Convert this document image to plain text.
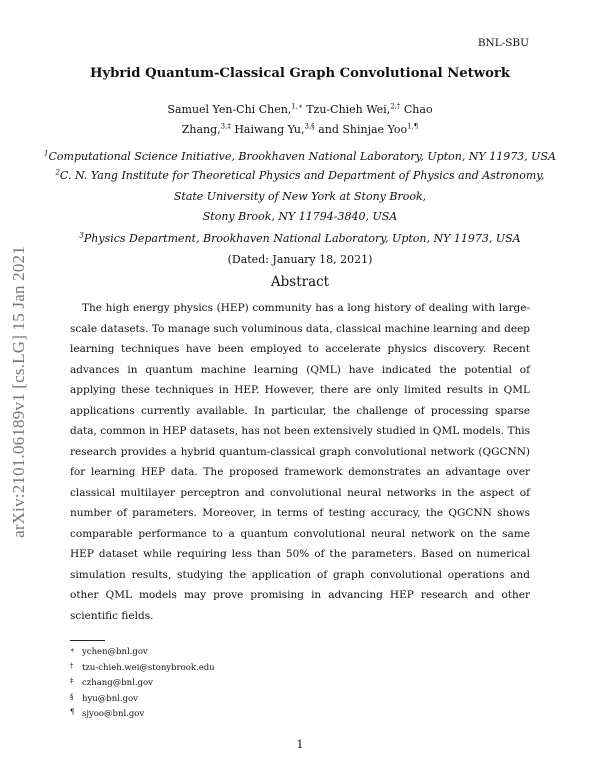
BNL-SBU
arXiv:2101.06189v1 [cs.LG] 15 Jan 2021
Hybrid Quantum-Classical Graph Convolutional Network
Samuel Yen-Chi Chen,$^{1,∗}$ Tzu-Chieh Wei,$^{2,\dagger}$ Chao
Zhang,$^{3,\ddagger}$ Haiwang Yu,$^{3,\S}$ and Shinjae Yoo$^{1,\P}$
$^1$Computational Science Initiative, Brookhaven National Laboratory, Upton, NY 11973, USA
$^2$C. N. Yang Institute for Theoretical Physics and Department of Physics and Astronomy,
State University of New York at Stony Brook,
Stony Brook, NY 11794-3840, USA
$^3$Physics Department, Brookhaven National Laboratory, Upton, NY 11973, USA
(Dated: January 18, 2021)
Abstract

The high energy physics (HEP) community has a long history of dealing with large-scale datasets. To manage such voluminous data, classical machine learning and deep learning techniques have been employed to accelerate physics discovery. Recent advances in quantum machine learning (QML) have indicated the potential of applying these techniques in HEP. However, there are only limited results in QML applications currently available. In particular, the challenge of processing sparse data, common in HEP datasets, has not been extensively studied in QML models. This research provides a hybrid quantum-classical graph convolutional network (QGCNN) for learning HEP data. The proposed framework demonstrates an advantage over classical multilayer perceptron and convolutional neural networks in the aspect of number of parameters. Moreover, in terms of testing accuracy, the QGCNN shows comparable performance to a quantum convolutional neural network on the same HEP dataset while requiring less than 50% of the parameters. Based on numerical simulation results, studying the application of graph convolutional operations and other QML models may prove promising in advancing HEP research and other scientific fields.

∗ ychen@bnl.gov
† tzu-chieh.wei@stonybrook.edu
‡ czhang@bnl.gov
§ hyu@bnl.gov
¶ sjyoo@bnl.gov
1
